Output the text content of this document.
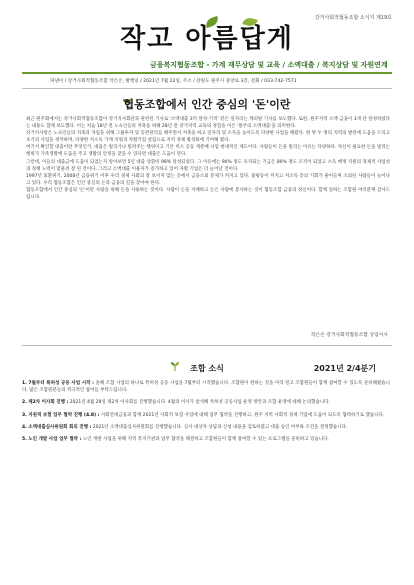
강거사회적협동조합 소식지 제19호
작고 아름답게
금융복지협동조합 - 가계 재무상담 및 교육 / 소액대출 / 복지상담 및 자원연계
펴낸이 / 강거사회적협동조합 작은손, 발행일 / 2021년 7월 22일, 주소 / 강원도 원주시 중앙로 3층, 전화 / 033-742-7571
협동조합에서 인간 중심의 '돈'이란

최근 원주회에서는 강거사회적협동조합이 강거지사회단과 관련된 기사로 '소액대출 3억 달성-기적' 같은 일자리는 캐피탈 기사를 보도했다. 또한, 원주지역 소액 금융이 3개 단 달성하였다는 내용도 함께 보도했다. 이는 처음 18년 전 노숙인들의 저축을 위해 28년 전 강거지역 교육의 경험을 이은 '원주의 소액대출'을 의미한다.

강거지사항은 노숙인들의 저축과 자립을 위해 그룹투자 및 동반관리를 해주면서 저축을 하고 일자리 및 소득을 높이도록 다양한 사업을 해왔다. 한 명 두 명의 지역의 발전에 도움을 드리고 초기의 사업을 정착하며, 다양한 저소득 가계 지원과 자활기업 설립으로 지역 경제 활성화에 기여해 왔다.

여기서 확인할 대출이란 무엇인가. 대출은 빌리거나 빌려주는 행위이고 기본 미소 공동 재분배 사업 현대적인 제도이다. 사람들이 돈을 빌리는 이유는 다양하다. 자신이 필요한 돈을 빌리는 행위가 가족생활에 도움을 주고 생활의 안정을 찾을 수 있다면 대출은 도움이 된다.

그런데, 이들의 대출금에 도움이 되었는지 알아보면 5년 대출 상환비 98% 달성되었다. 그 이유에는 90% 정도 유지되는 기금은 80% 정도 조직이 되었고 소득 배정 지원의 경제적 사업성과 정책 노력이 맞물려 잘 된 것이다. 그리고 소액대출 이용자가 증가하고 있어 자활 기업은 더 늘어날 것이다.

1997년 외환위기, 2008년 금융위기 이후 우리 경제 사회의 잘 보이지 않는 곳에서 금융소외 문제가 커지고 있다. 불평등이 커지고 저소득 층의 기회가 줄어들며 소외된 사람들이 늘어나고 있다. 우리 협동조합은 인간 중심의 돈과 금융의 길을 찾아야 한다.

협동조합에서 인간 중심의 '돈'이란 사람을 위해 돈을 사용하는 것이다. 사람이 돈을 지배하고 돈은 사람에 봉사하는 것이 협동조합 금융의 정신이다. 함께 일하는 조합원 여러분께 감사드립니다.

작은손 강거사회적협동조합 상임이사
조합 소식	2021년 2/4분기
1. 7월부터 특허성 공동 사업 시작 : 올해 조합 사업의 하나로 특허성 공동 사업을 7월부터 시작했습니다. 조합원이 원하는 것을 미리 알고 조합원들이 함께 참여할 수 있도록 준비해왔습니다. 많은 조합원분들의 적극적인 참여를 부탁드립니다.
2. 제2차 이사회 진행 : 2021년 4월 28일 제2차 이사회를 진행했습니다. 4월의 이사가 참석해 특허성 공동사업 운영 방안과 조합 운영에 대해 논의했습니다.
3. 지원적 보험 업무 협약 진행 (4.8) : 사회연대금융과 함께 2021년 사회적 보험 사업에 대해 업무 협약을 진행하고, 원주 지역 사회적 경제 기업에 도움이 되도록 협력하기로 했습니다.
4. 소액대출심사위원회 회의 진행 : 2021년 소액대출심사위원회를 진행했습니다. 심사 대상자 상담과 신청 내용을 검토하였고 대출 승인 여부와 조건을 결정했습니다.
5. 노인 개발 사업 업무 협약 : 노인 개발 사업을 위해 지역 복지기관과 업무 협약을 체결하고 조합원들이 함께 참여할 수 있는 프로그램을 준비하고 있습니다.
